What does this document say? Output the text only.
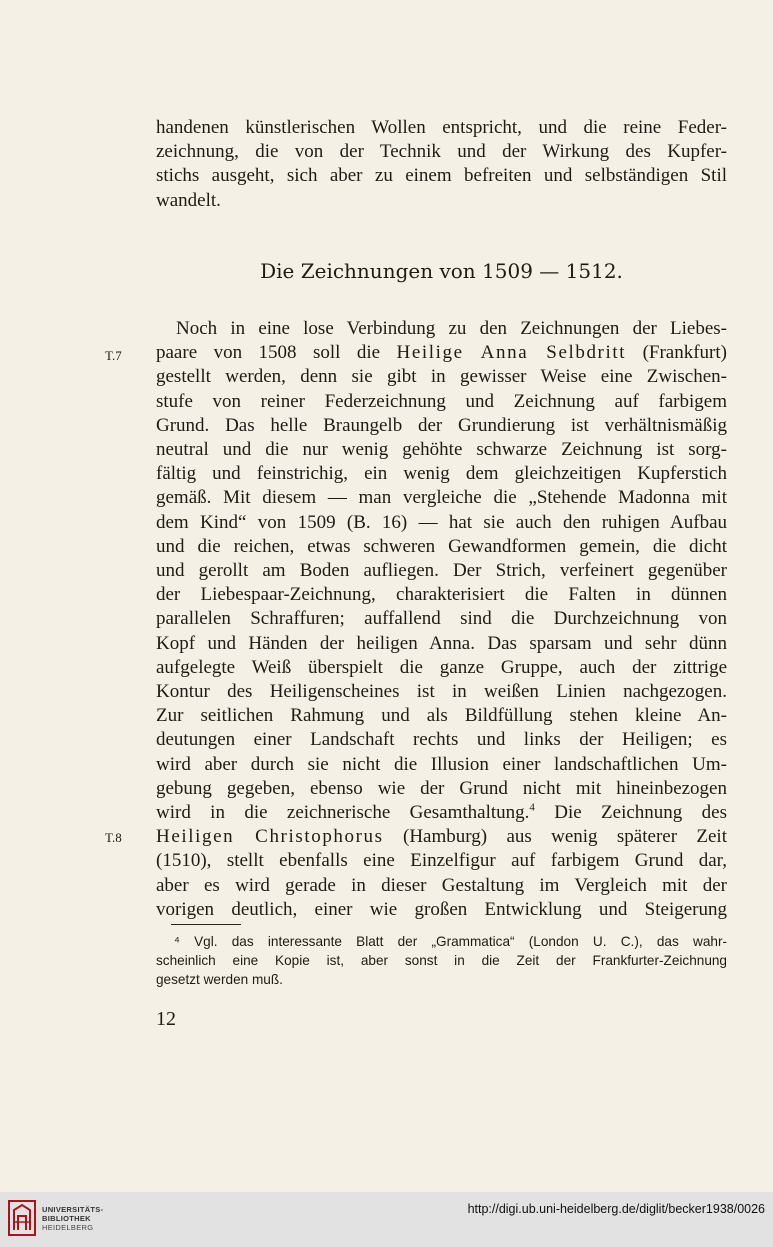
handenen künstlerischen Wollen entspricht, und die reine Feder-

zeichnung, die von der Technik und der Wirkung des Kupfer-

stichs ausgeht, sich aber zu einem befreiten und selbständigen Stil

wandelt.

Die Zeichnungen von 1509 — 1512.

Noch in eine lose Verbindung zu den Zeichnungen der Liebes-

paare von 1508 soll die Heilige Anna Selbdritt (Frankfurt)

gestellt werden, denn sie gibt in gewisser Weise eine Zwischen-

stufe von reiner Federzeichnung und Zeichnung auf farbigem

Grund. Das helle Braungelb der Grundierung ist verhältnismäßig

neutral und die nur wenig gehöhte schwarze Zeichnung ist sorg-

fältig und feinstrichig, ein wenig dem gleichzeitigen Kupferstich

gemäß. Mit diesem — man vergleiche die „Stehende Madonna mit

dem Kind“ von 1509 (B. 16) — hat sie auch den ruhigen Aufbau

und die reichen, etwas schweren Gewandformen gemein, die dicht

und gerollt am Boden aufliegen. Der Strich, verfeinert gegenüber

der Liebespaar-Zeichnung, charakterisiert die Falten in dünnen

parallelen Schraffuren; auffallend sind die Durchzeichnung von

Kopf und Händen der heiligen Anna. Das sparsam und sehr dünn

aufgelegte Weiß überspielt die ganze Gruppe, auch der zittrige

Kontur des Heiligenscheines ist in weißen Linien nachgezogen.

Zur seitlichen Rahmung und als Bildfüllung stehen kleine An-

deutungen einer Landschaft rechts und links der Heiligen; es

wird aber durch sie nicht die Illusion einer landschaftlichen Um-

gebung gegeben, ebenso wie der Grund nicht mit hineinbezogen

wird in die zeichnerische Gesamthaltung.$^4$ Die Zeichnung des

Heiligen Christophorus (Hamburg) aus wenig späterer Zeit

(1510), stellt ebenfalls eine Einzelfigur auf farbigem Grund dar,

aber es wird gerade in dieser Gestaltung im Vergleich mit der

vorigen deutlich, einer wie großen Entwicklung und Steigerung

T.7
T.8

⁴ Vgl. das interessante Blatt der „Grammatica“ (London U. C.), das wahr-

scheinlich eine Kopie ist, aber sonst in die Zeit der Frankfurter-Zeichnung

gesetzt werden muß.

12
UNIVERSITÄTS-
BIBLIOTHEK
HEIDELBERG
http://digi.ub.uni-heidelberg.de/diglit/becker1938/0026
